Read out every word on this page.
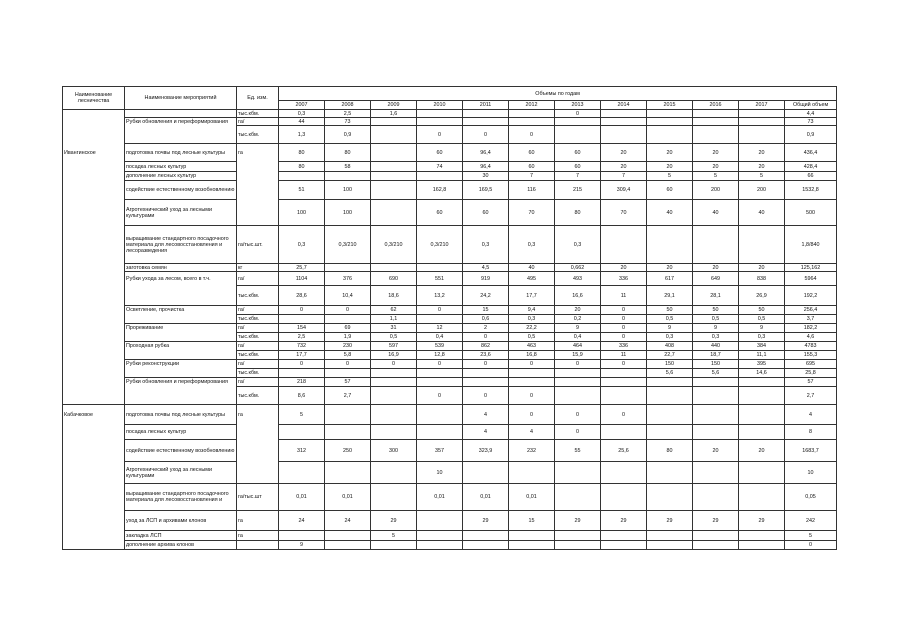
Наименование лесничества	Наименование мероприятий	Ед. изм.	Объемы по годам											
			2007	2008	2009	2010	2011	2012	2013	2014	2015	2016	2017	Общий объем
		тыс.кбм.	0,3	2,5	1,6				0					4,4
	Рубки обновления и переформирования	га/	44	73										73
		тыс.кбм.	1,3	0,9		0	0	0						0,9
Ивангинское	подготовка почвы под лесные культуры	га	80	80		60	96,4	60	60	20	20	20	20	436,4
	посадка лесных культур		80	58		74	96,4	60	60	20	20	20	20	428,4
	дополнение лесных культур						30	7	7	7	5	5	5	66
	содействие естественному возобновлению		51	100		162,8	169,5	116	215	309,4	60	200	200	1532,8
	Агротехнический уход за лесными культурами		100	100		60	60	70	80	70	40	40	40	500
	выращивание стандартного посадочного материала для лесовосстановления и лесоразведения	га/тыс.шт.	0,3	0,3/210	0,3/210	0,3/210	0,3	0,3	0,3					1,8/840
	заготовка семян	кг	25,7				4,5	40	0,662	20	20	20	20	125,162
	Рубки ухода за лесом, всего в т.ч.	га/	1104	376	690	551	919	495	493	336	617	649	838	5964
		тыс.кбм.	28,6	10,4	18,6	13,2	24,2	17,7	16,6	11	29,1	28,1	26,9	192,2
	Осветление, прочистка	га/	0	0	62	0	15	9,4	20	0	50	50	50	256,4
		тыс.кбм.			1,1		0,6	0,3	0,2	0	0,5	0,5	0,5	3,7
	Прореживание	га/	154	69	31	12	2	22,2	9	0	9	9	9	182,2
		тыс.кбм.	2,5	1,9	0,5	0,4	0	0,5	0,4	0	0,3	0,3	0,3	4,6
	Проходная рубка	га/	732	230	597	539	862	463	464	336	408	440	384	4783
		тыс.кбм.	17,7	5,8	16,9	12,8	23,6	16,8	15,9	11	22,7	18,7	11,1	155,3
	Рубки реконструкции	га/	0	0	0	0	0	0	0	0	150	150	395	695
		тыс.кбм.									5,6	5,6	14,6	25,8
	Рубки обновления и переформирования	га/	218	57										57
		тыс.кбм.	8,6	2,7		0	0	0						2,7
Кабачковое	подготовка почвы под лесные культуры	га	5				4	0	0	0				4
	посадка лесных культур						4	4	0					8
	содействие естественному возобновлению		312	250	300	357	323,9	232	55	25,6	80	20	20	1683,7
	Агротехнический уход за лесными культурами					10								10
	выращивание стандартного посадочного материала для лесовосстановления и	га/тыс.шт	0,01	0,01		0,01	0,01	0,01						0,05
	уход за ЛСП и архивами клонов	га	24	24	29		29	15	29	29	29	29	29	242
	закладка ЛСП	га			5									5
	дополнение архива клонов		9											0
